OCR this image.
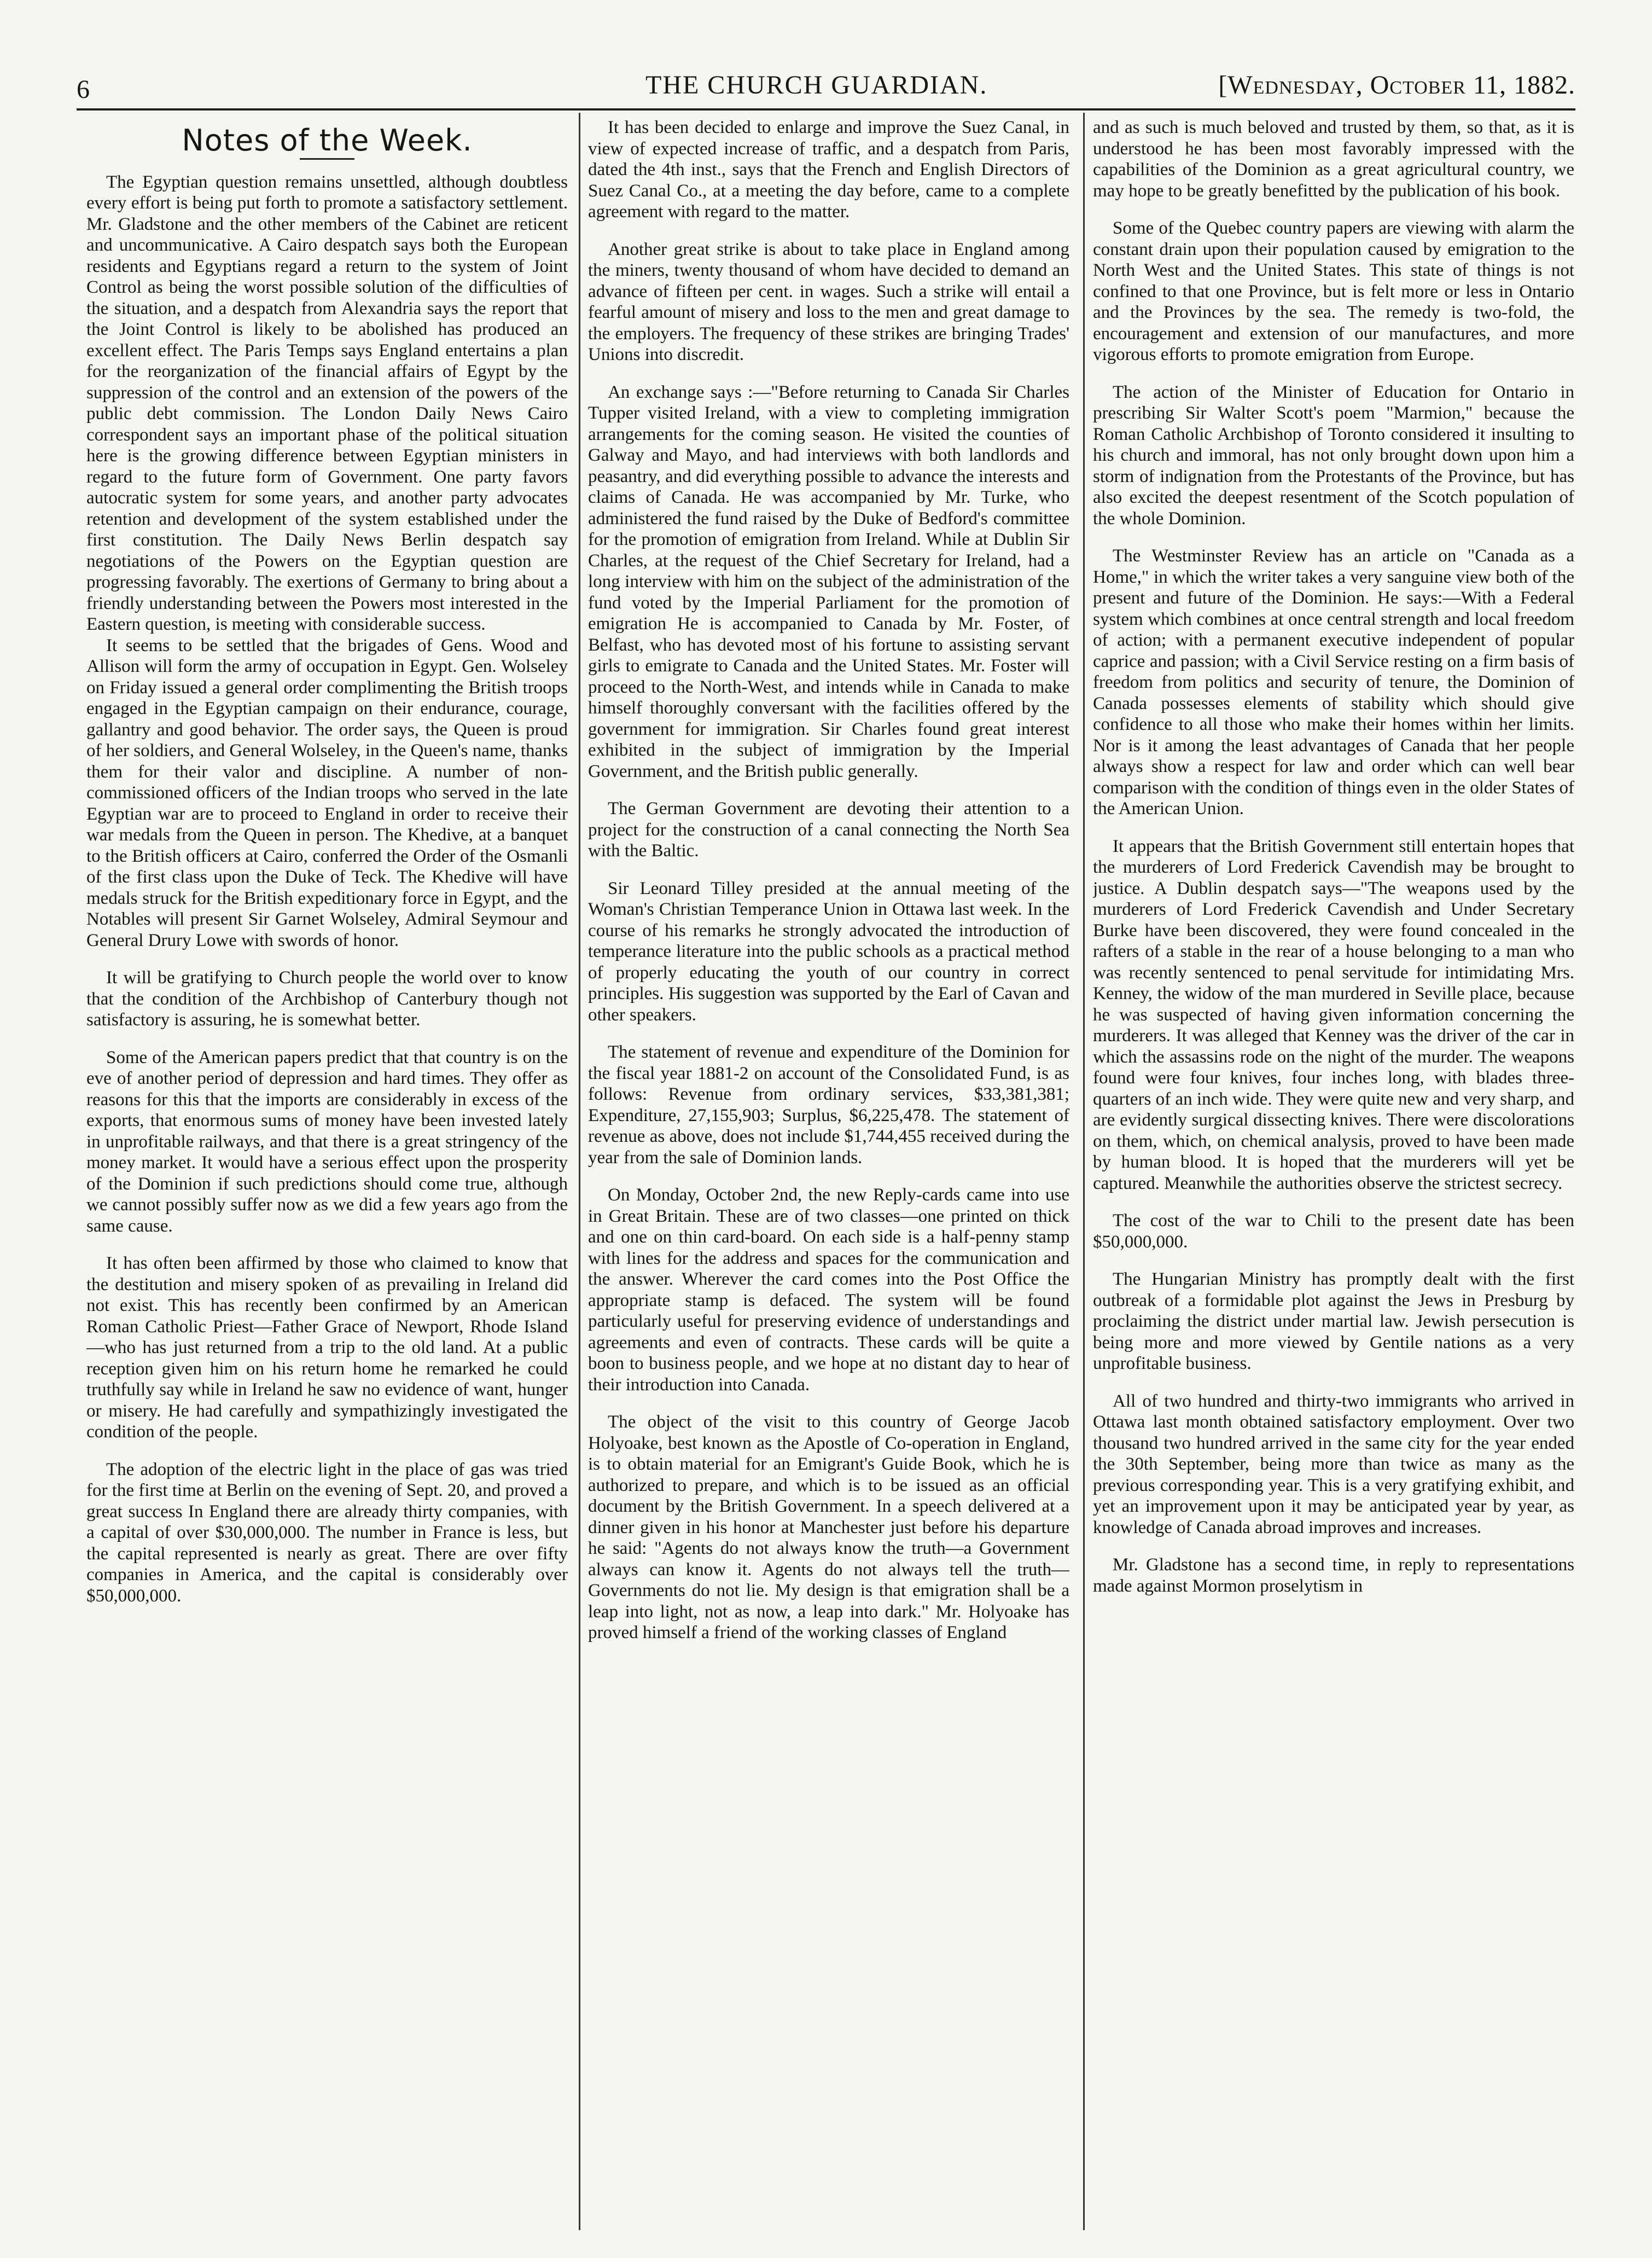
6	THE CHURCH GUARDIAN.	[Wednesday, October 11, 1882.
Notes of the Week.

The Egyptian question remains unsettled, although doubtless every effort is being put forth to promote a satisfactory settlement. Mr. Gladstone and the other members of the Cabinet are reticent and uncommunicative. A Cairo despatch says both the European residents and Egyptians regard a return to the system of Joint Control as being the worst possible solution of the difficulties of the situation, and a despatch from Alexandria says the report that the Joint Control is likely to be abolished has produced an excellent effect. The Paris Temps says England entertains a plan for the reorganization of the financial affairs of Egypt by the suppression of the control and an extension of the powers of the public debt commission. The London Daily News Cairo correspondent says an important phase of the political situation here is the growing difference between Egyptian ministers in regard to the future form of Government. One party favors autocratic system for some years, and another party advocates retention and development of the system established under the first constitution. The Daily News Berlin despatch say negotiations of the Powers on the Egyptian question are progressing favorably. The exertions of Germany to bring about a friendly understanding between the Powers most interested in the Eastern question, is meeting with considerable success.

It seems to be settled that the brigades of Gens. Wood and Allison will form the army of occupation in Egypt. Gen. Wolseley on Friday issued a general order complimenting the British troops engaged in the Egyptian campaign on their endurance, courage, gallantry and good behavior. The order says, the Queen is proud of her soldiers, and General Wolseley, in the Queen's name, thanks them for their valor and discipline. A number of non-commissioned officers of the Indian troops who served in the late Egyptian war are to proceed to England in order to receive their war medals from the Queen in person. The Khedive, at a banquet to the British officers at Cairo, conferred the Order of the Osmanli of the first class upon the Duke of Teck. The Khedive will have medals struck for the British expeditionary force in Egypt, and the Notables will present Sir Garnet Wolseley, Admiral Seymour and General Drury Lowe with swords of honor.

It will be gratifying to Church people the world over to know that the condition of the Archbishop of Canterbury though not satisfactory is assuring, he is somewhat better.

Some of the American papers predict that that country is on the eve of another period of depression and hard times. They offer as reasons for this that the imports are considerably in excess of the exports, that enormous sums of money have been invested lately in unprofitable railways, and that there is a great stringency of the money market. It would have a serious effect upon the prosperity of the Dominion if such predictions should come true, although we cannot possibly suffer now as we did a few years ago from the same cause.

It has often been affirmed by those who claimed to know that the destitution and misery spoken of as prevailing in Ireland did not exist. This has recently been confirmed by an American Roman Catholic Priest—Father Grace of Newport, Rhode Island—who has just returned from a trip to the old land. At a public reception given him on his return home he remarked he could truthfully say while in Ireland he saw no evidence of want, hunger or misery. He had carefully and sympathizingly investigated the condition of the people.

The adoption of the electric light in the place of gas was tried for the first time at Berlin on the evening of Sept. 20, and proved a great success In England there are already thirty companies, with a capital of over $30,000,000. The number in France is less, but the capital represented is nearly as great. There are over fifty companies in America, and the capital is considerably over $50,000,000.

It has been decided to enlarge and improve the Suez Canal, in view of expected increase of traffic, and a despatch from Paris, dated the 4th inst., says that the French and English Directors of Suez Canal Co., at a meeting the day before, came to a complete agreement with regard to the matter.

Another great strike is about to take place in England among the miners, twenty thousand of whom have decided to demand an advance of fifteen per cent. in wages. Such a strike will entail a fearful amount of misery and loss to the men and great damage to the employers. The frequency of these strikes are bringing Trades' Unions into discredit.

An exchange says :—"Before returning to Canada Sir Charles Tupper visited Ireland, with a view to completing immigration arrangements for the coming season. He visited the counties of Galway and Mayo, and had interviews with both landlords and peasantry, and did everything possible to advance the interests and claims of Canada. He was accompanied by Mr. Turke, who administered the fund raised by the Duke of Bedford's committee for the promotion of emigration from Ireland. While at Dublin Sir Charles, at the request of the Chief Secretary for Ireland, had a long interview with him on the subject of the administration of the fund voted by the Imperial Parliament for the promotion of emigration He is accompanied to Canada by Mr. Foster, of Belfast, who has devoted most of his fortune to assisting servant girls to emigrate to Canada and the United States. Mr. Foster will proceed to the North-West, and intends while in Canada to make himself thoroughly conversant with the facilities offered by the government for immigration. Sir Charles found great interest exhibited in the subject of immigration by the Imperial Government, and the British public generally.

The German Government are devoting their attention to a project for the construction of a canal connecting the North Sea with the Baltic.

Sir Leonard Tilley presided at the annual meeting of the Woman's Christian Temperance Union in Ottawa last week. In the course of his remarks he strongly advocated the introduction of temperance literature into the public schools as a practical method of properly educating the youth of our country in correct principles. His suggestion was supported by the Earl of Cavan and other speakers.

The statement of revenue and expenditure of the Dominion for the fiscal year 1881-2 on account of the Consolidated Fund, is as follows: Revenue from ordinary services, $33,381,381; Expenditure, 27,155,903; Surplus, $6,225,478. The statement of revenue as above, does not include $1,744,455 received during the year from the sale of Dominion lands.

On Monday, October 2nd, the new Reply-cards came into use in Great Britain. These are of two classes—one printed on thick and one on thin card-board. On each side is a half-penny stamp with lines for the address and spaces for the communication and the answer. Wherever the card comes into the Post Office the appropriate stamp is defaced. The system will be found particularly useful for preserving evidence of understandings and agreements and even of contracts. These cards will be quite a boon to business people, and we hope at no distant day to hear of their introduction into Canada.

The object of the visit to this country of George Jacob Holyoake, best known as the Apostle of Co-operation in England, is to obtain material for an Emigrant's Guide Book, which he is authorized to prepare, and which is to be issued as an official document by the British Government. In a speech delivered at a dinner given in his honor at Manchester just before his departure he said: "Agents do not always know the truth—a Government always can know it. Agents do not always tell the truth—Governments do not lie. My design is that emigration shall be a leap into light, not as now, a leap into dark." Mr. Holyoake has proved himself a friend of the working classes of England

and as such is much beloved and trusted by them, so that, as it is understood he has been most favorably impressed with the capabilities of the Dominion as a great agricultural country, we may hope to be greatly benefitted by the publication of his book.

Some of the Quebec country papers are viewing with alarm the constant drain upon their population caused by emigration to the North West and the United States. This state of things is not confined to that one Province, but is felt more or less in Ontario and the Provinces by the sea. The remedy is two-fold, the encouragement and extension of our manufactures, and more vigorous efforts to promote emigration from Europe.

The action of the Minister of Education for Ontario in prescribing Sir Walter Scott's poem "Marmion," because the Roman Catholic Archbishop of Toronto considered it insulting to his church and immoral, has not only brought down upon him a storm of indignation from the Protestants of the Province, but has also excited the deepest resentment of the Scotch population of the whole Dominion.

The Westminster Review has an article on "Canada as a Home," in which the writer takes a very sanguine view both of the present and future of the Dominion. He says:—With a Federal system which combines at once central strength and local freedom of action; with a permanent executive independent of popular caprice and passion; with a Civil Service resting on a firm basis of freedom from politics and security of tenure, the Dominion of Canada possesses elements of stability which should give confidence to all those who make their homes within her limits. Nor is it among the least advantages of Canada that her people always show a respect for law and order which can well bear comparison with the condition of things even in the older States of the American Union.

It appears that the British Government still entertain hopes that the murderers of Lord Frederick Cavendish may be brought to justice. A Dublin despatch says—"The weapons used by the murderers of Lord Frederick Cavendish and Under Secretary Burke have been discovered, they were found concealed in the rafters of a stable in the rear of a house belonging to a man who was recently sentenced to penal servitude for intimidating Mrs. Kenney, the widow of the man murdered in Seville place, because he was suspected of having given information concerning the murderers. It was alleged that Kenney was the driver of the car in which the assassins rode on the night of the murder. The weapons found were four knives, four inches long, with blades three-quarters of an inch wide. They were quite new and very sharp, and are evidently surgical dissecting knives. There were discolorations on them, which, on chemical analysis, proved to have been made by human blood. It is hoped that the murderers will yet be captured. Meanwhile the authorities observe the strictest secrecy.

The cost of the war to Chili to the present date has been $50,000,000.

The Hungarian Ministry has promptly dealt with the first outbreak of a formidable plot against the Jews in Presburg by proclaiming the district under martial law. Jewish persecution is being more and more viewed by Gentile nations as a very unprofitable business.

All of two hundred and thirty-two immigrants who arrived in Ottawa last month obtained satisfactory employment. Over two thousand two hundred arrived in the same city for the year ended the 30th September, being more than twice as many as the previous corresponding year. This is a very gratifying exhibit, and yet an improvement upon it may be anticipated year by year, as knowledge of Canada abroad improves and increases.

Mr. Gladstone has a second time, in reply to representations made against Mormon proselytism in
